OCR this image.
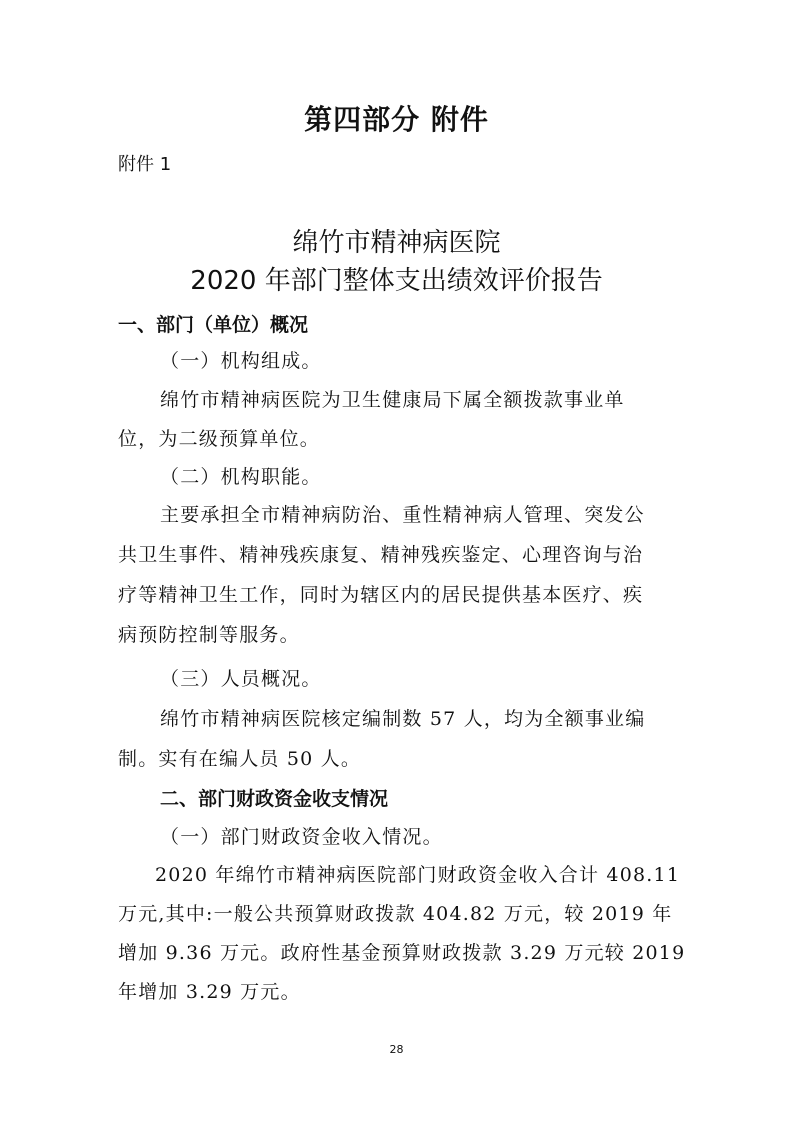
第四部分 附件
附件 1
绵竹市精神病医院
2020 年部门整体支出绩效评价报告
一、部门（单位）概况
（一）机构组成。
绵竹市精神病医院为卫生健康局下属全额拨款事业单
位，为二级预算单位。
（二）机构职能。
主要承担全市精神病防治、重性精神病人管理、突发公
共卫生事件、精神残疾康复、精神残疾鉴定、心理咨询与治
疗等精神卫生工作，同时为辖区内的居民提供基本医疗、疾
病预防控制等服务。
（三）人员概况。
绵竹市精神病医院核定编制数 57 人，均为全额事业编
制。实有在编人员 50 人。
二、部门财政资金收支情况
（一）部门财政资金收入情况。
2020 年绵竹市精神病医院部门财政资金收入合计 408.11
万元,其中:一般公共预算财政拨款 404.82 万元，较 2019 年
增加 9.36 万元。政府性基金预算财政拨款 3.29 万元较 2019
年增加 3.29 万元。
28
